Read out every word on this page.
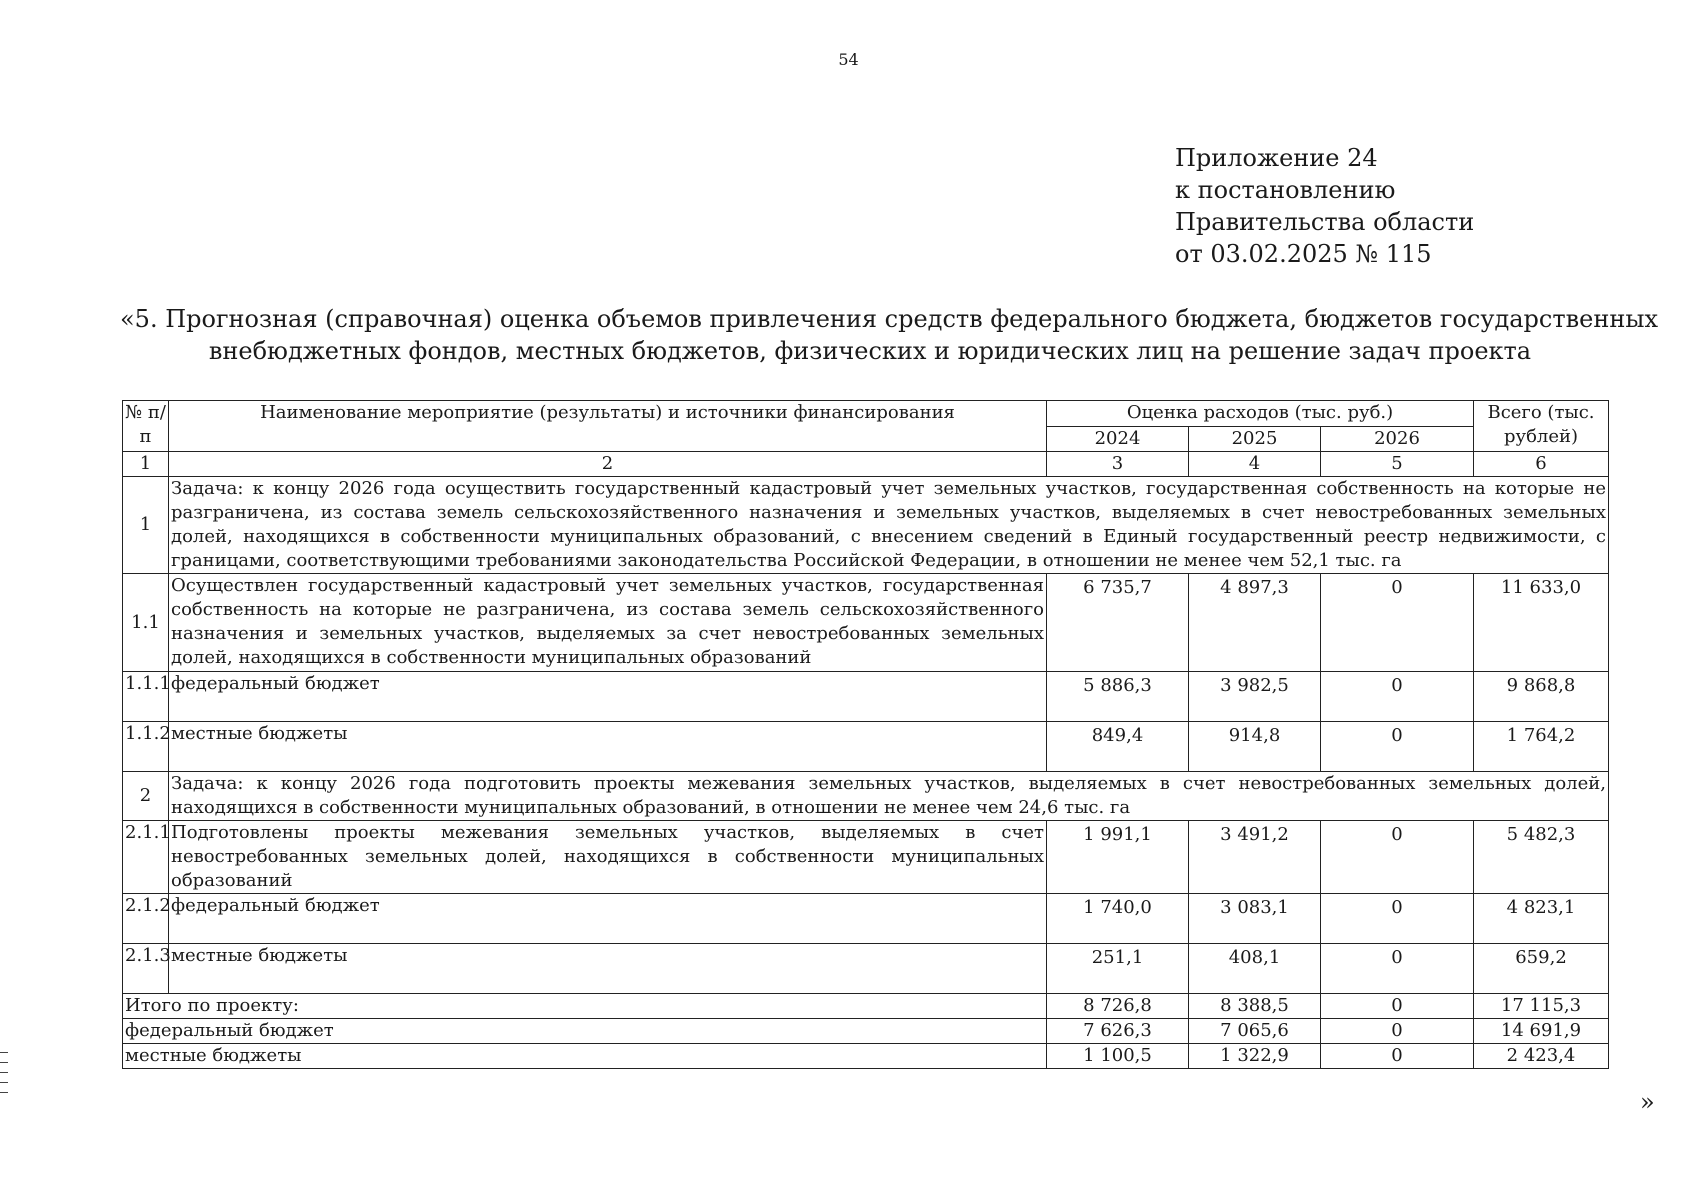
54
Приложение 24
к постановлению
Правительства области
от 03.02.2025 № 115
«5. Прогнозная (справочная) оценка объемов привлечения средств федерального бюджета, бюджетов государственных
внебюджетных фондов, местных бюджетов, физических и юридических лиц на решение задач проекта
№ п/п	Наименование мероприятие (результаты) и источники финансирования	Оценка расходов (тыс. руб.)			Всего (тыс. рублей)
		2024	2025	2026	
1	2	3	4	5	6
1	Задача: к концу 2026 года осуществить государственный кадастровый учет земельных участков, государственная собственность на которые не разграничена, из состава земель сельскохозяйственного назначения и земельных участков, выделяемых в счет невостребованных земельных долей, находящихся в собственности муниципальных образований, с внесением сведений в Единый государственный реестр недвижимости, с границами, соответствующими требованиями законодательства Российской Федерации, в отношении не менее чем 52,1 тыс. га				
1.1	Осуществлен государственный кадастровый учет земельных участков, государственная собственность на которые не разграничена, из состава земель сельскохозяйственного назначения и земельных участков, выделяемых за счет невостребованных земельных долей, находящихся в собственности муниципальных образований	6 735,7	4 897,3	0	11 633,0
1.1.1	федеральный бюджет	5 886,3	3 982,5	0	9 868,8
1.1.2	местные бюджеты	849,4	914,8	0	1 764,2
2	Задача: к концу 2026 года подготовить проекты межевания земельных участков, выделяемых в счет невостребованных земельных долей, находящихся в собственности муниципальных образований, в отношении не менее чем 24,6 тыс. га				
2.1.1	Подготовлены проекты межевания земельных участков, выделяемых в счет невостребованных земельных долей, находящихся в собственности муниципальных образований	1 991,1	3 491,2	0	5 482,3
2.1.2	федеральный бюджет	1 740,0	3 083,1	0	4 823,1
2.1.3	местные бюджеты	251,1	408,1	0	659,2
Итого по проекту:		8 726,8	8 388,5	0	17 115,3
федеральный бюджет		7 626,3	7 065,6	0	14 691,9
местные бюджеты		1 100,5	1 322,9	0	2 423,4
»
